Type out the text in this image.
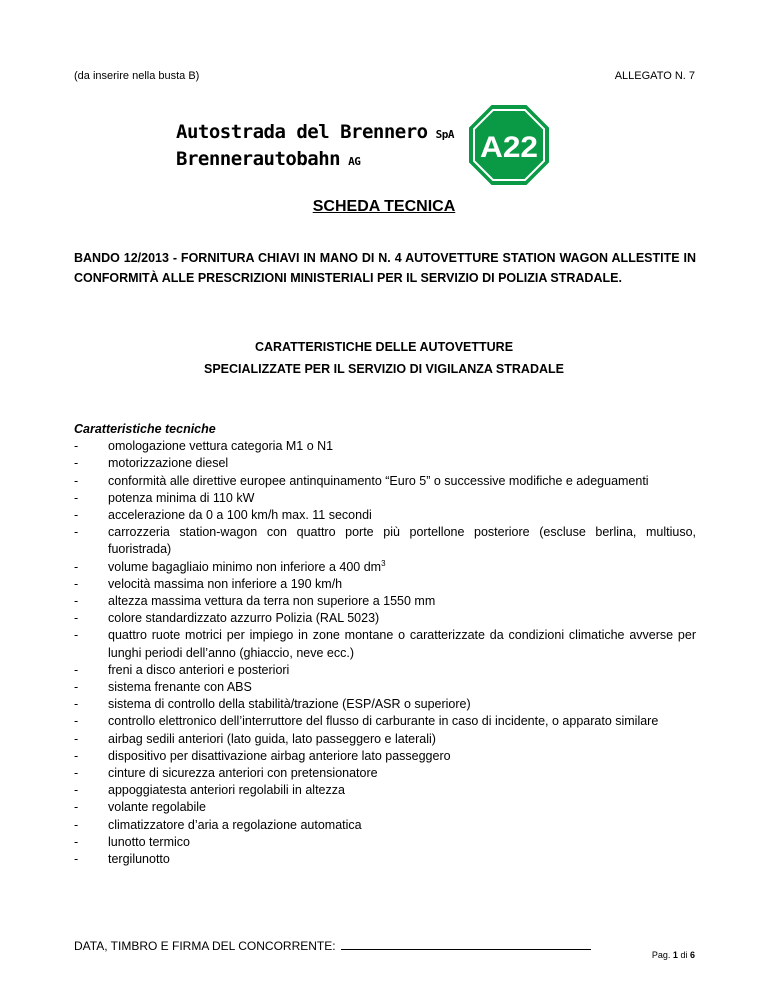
(da inserire nella busta B)	ALLEGATO N. 7
Autostrada del Brennero SpA
Brennerautobahn AG	A22
SCHEDA TECNICA
BANDO 12/2013 - FORNITURA CHIAVI IN MANO DI N. 4 AUTOVETTURE STATION WAGON ALLESTITE IN CONFORMITÀ ALLE PRESCRIZIONI MINISTERIALI PER IL SERVIZIO DI POLIZIA STRADALE.
CARATTERISTICHE DELLE AUTOVETTURE
SPECIALIZZATE PER IL SERVIZIO DI VIGILANZA STRADALE
Caratteristiche tecniche
-	omologazione vettura categoria M1 o N1
-	motorizzazione diesel
-	conformità alle direttive europee antinquinamento “Euro 5” o successive modifiche e adeguamenti
-	potenza minima di 110 kW
-	accelerazione da 0 a 100 km/h max. 11 secondi
-	carrozzeria station-wagon con quattro porte più portellone posteriore (escluse berlina, multiuso, fuoristrada)
-	volume bagagliaio minimo non inferiore a 400 $dm^3$
-	velocità massima non inferiore a 190 km/h
-	altezza massima vettura da terra non superiore a 1550 mm
-	colore standardizzato azzurro Polizia (RAL 5023)
-	quattro ruote motrici per impiego in zone montane o caratterizzate da condizioni climatiche avverse per lunghi periodi dell’anno (ghiaccio, neve ecc.)
-	freni a disco anteriori e posteriori
-	sistema frenante con ABS
-	sistema di controllo della stabilità/trazione (ESP/ASR o superiore)
-	controllo elettronico dell’interruttore del flusso di carburante in caso di incidente, o apparato similare
-	airbag sedili anteriori (lato guida, lato passeggero e laterali)
-	dispositivo per disattivazione airbag anteriore lato passeggero
-	cinture di sicurezza anteriori con pretensionatore
-	appoggiatesta anteriori regolabili in altezza
-	volante regolabile
-	climatizzatore d’aria a regolazione automatica
-	lunotto termico
-	tergilunotto
DATA, TIMBRO E FIRMA DEL CONCORRENTE:
Pag. 1 di 6
